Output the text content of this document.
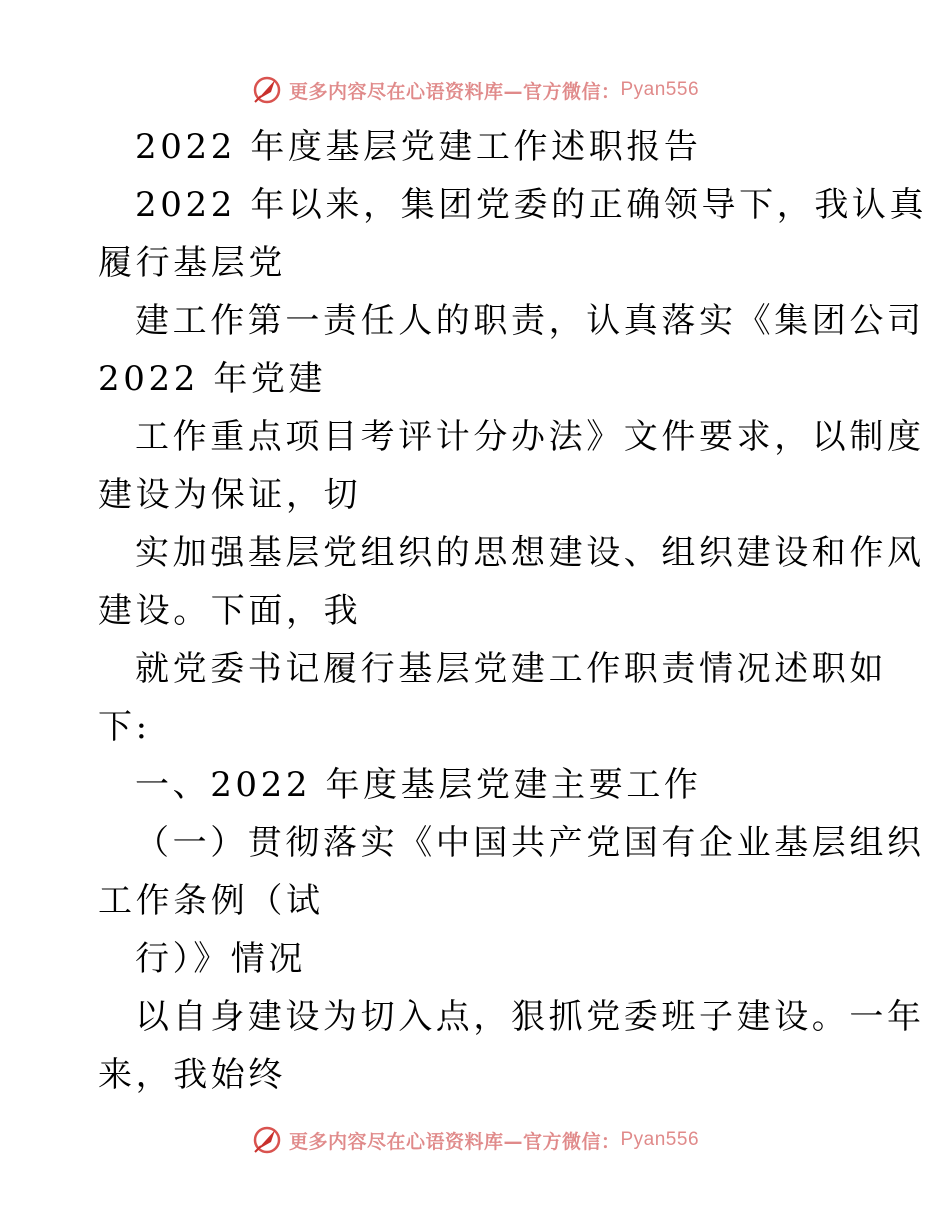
更多内容尽在心语资料库—官方微信： Pyan556
2022 年度基层党建工作述职报告
2022 年以来，集团党委的正确领导下，我认真
履行基层党
建工作第一责任人的职责，认真落实《集团公司
2022 年党建
工作重点项目考评计分办法》文件要求，以制度
建设为保证，切
实加强基层党组织的思想建设、组织建设和作风
建设。下面，我
就党委书记履行基层党建工作职责情况述职如
下:
一、2022 年度基层党建主要工作
（一）贯彻落实《中国共产党国有企业基层组织
工作条例（试
行）》情况
以自身建设为切入点，狠抓党委班子建设。一年
来，我始终
更多内容尽在心语资料库—官方微信： Pyan556
